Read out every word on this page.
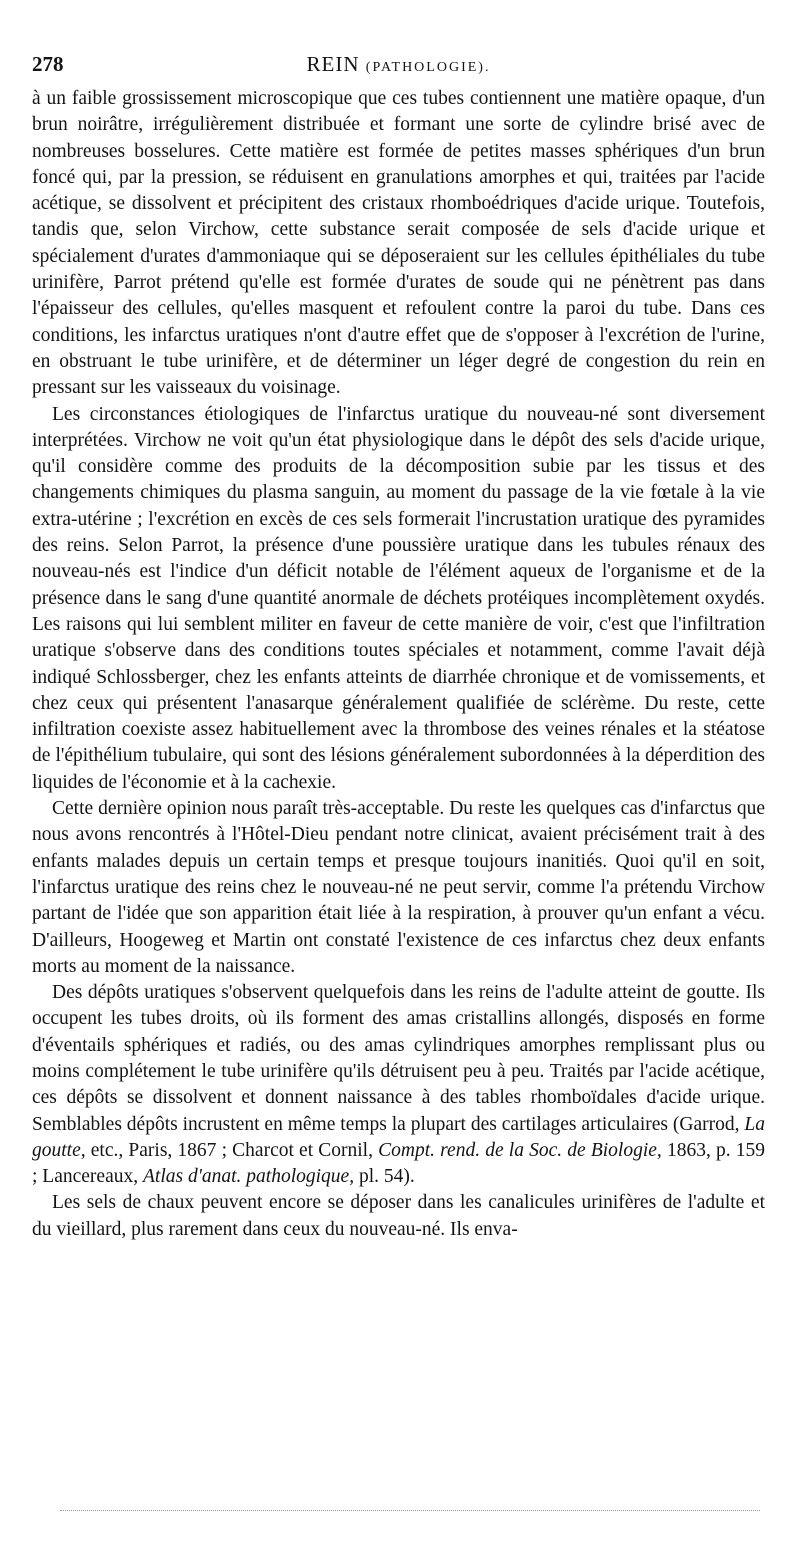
278	REIN (PATHOLOGIE).

à un faible grossissement microscopique que ces tubes contiennent une matière opaque, d'un brun noirâtre, irrégulièrement distribuée et formant une sorte de cylindre brisé avec de nombreuses bosselures. Cette matière est formée de petites masses sphériques d'un brun foncé qui, par la pression, se réduisent en granulations amorphes et qui, traitées par l'acide acétique, se dissolvent et précipitent des cristaux rhomboédriques d'acide urique. Toutefois, tandis que, selon Virchow, cette substance serait composée de sels d'acide urique et spécialement d'urates d'ammoniaque qui se déposeraient sur les cellules épithéliales du tube urinifère, Parrot prétend qu'elle est formée d'urates de soude qui ne pénètrent pas dans l'épaisseur des cellules, qu'elles masquent et refoulent contre la paroi du tube. Dans ces conditions, les infarctus uratiques n'ont d'autre effet que de s'opposer à l'excrétion de l'urine, en obstruant le tube urinifère, et de déterminer un léger degré de congestion du rein en pressant sur les vaisseaux du voisinage.

Les circonstances étiologiques de l'infarctus uratique du nouveau-né sont diversement interprétées. Virchow ne voit qu'un état physiologique dans le dépôt des sels d'acide urique, qu'il considère comme des produits de la décomposition subie par les tissus et des changements chimiques du plasma sanguin, au moment du passage de la vie fœtale à la vie extra-utérine ; l'excrétion en excès de ces sels formerait l'incrustation uratique des pyramides des reins. Selon Parrot, la présence d'une poussière uratique dans les tubules rénaux des nouveau-nés est l'indice d'un déficit notable de l'élément aqueux de l'organisme et de la présence dans le sang d'une quantité anormale de déchets protéiques incomplètement oxydés. Les raisons qui lui semblent militer en faveur de cette manière de voir, c'est que l'infiltration uratique s'observe dans des conditions toutes spéciales et notamment, comme l'avait déjà indiqué Schlossberger, chez les enfants atteints de diarrhée chronique et de vomissements, et chez ceux qui présentent l'anasarque généralement qualifiée de sclérème. Du reste, cette infiltration coexiste assez habituellement avec la thrombose des veines rénales et la stéatose de l'épithélium tubulaire, qui sont des lésions généralement subordonnées à la déperdition des liquides de l'économie et à la cachexie.

Cette dernière opinion nous paraît très-acceptable. Du reste les quelques cas d'infarctus que nous avons rencontrés à l'Hôtel-Dieu pendant notre clinicat, avaient précisément trait à des enfants malades depuis un certain temps et presque toujours inanitiés. Quoi qu'il en soit, l'infarctus uratique des reins chez le nouveau-né ne peut servir, comme l'a prétendu Virchow partant de l'idée que son apparition était liée à la respiration, à prouver qu'un enfant a vécu. D'ailleurs, Hoogeweg et Martin ont constaté l'existence de ces infarctus chez deux enfants morts au moment de la naissance.

Des dépôts uratiques s'observent quelquefois dans les reins de l'adulte atteint de goutte. Ils occupent les tubes droits, où ils forment des amas cristallins allongés, disposés en forme d'éventails sphériques et radiés, ou des amas cylindriques amorphes remplissant plus ou moins complétement le tube urinifère qu'ils détruisent peu à peu. Traités par l'acide acétique, ces dépôts se dissolvent et donnent naissance à des tables rhomboïdales d'acide urique. Semblables dépôts incrustent en même temps la plupart des cartilages articulaires (Garrod, La goutte, etc., Paris, 1867 ; Charcot et Cornil, Compt. rend. de la Soc. de Biologie, 1863, p. 159 ; Lancereaux, Atlas d'anat. pathologique, pl. 54).

Les sels de chaux peuvent encore se déposer dans les canalicules urinifères de l'adulte et du vieillard, plus rarement dans ceux du nouveau-né. Ils enva-
